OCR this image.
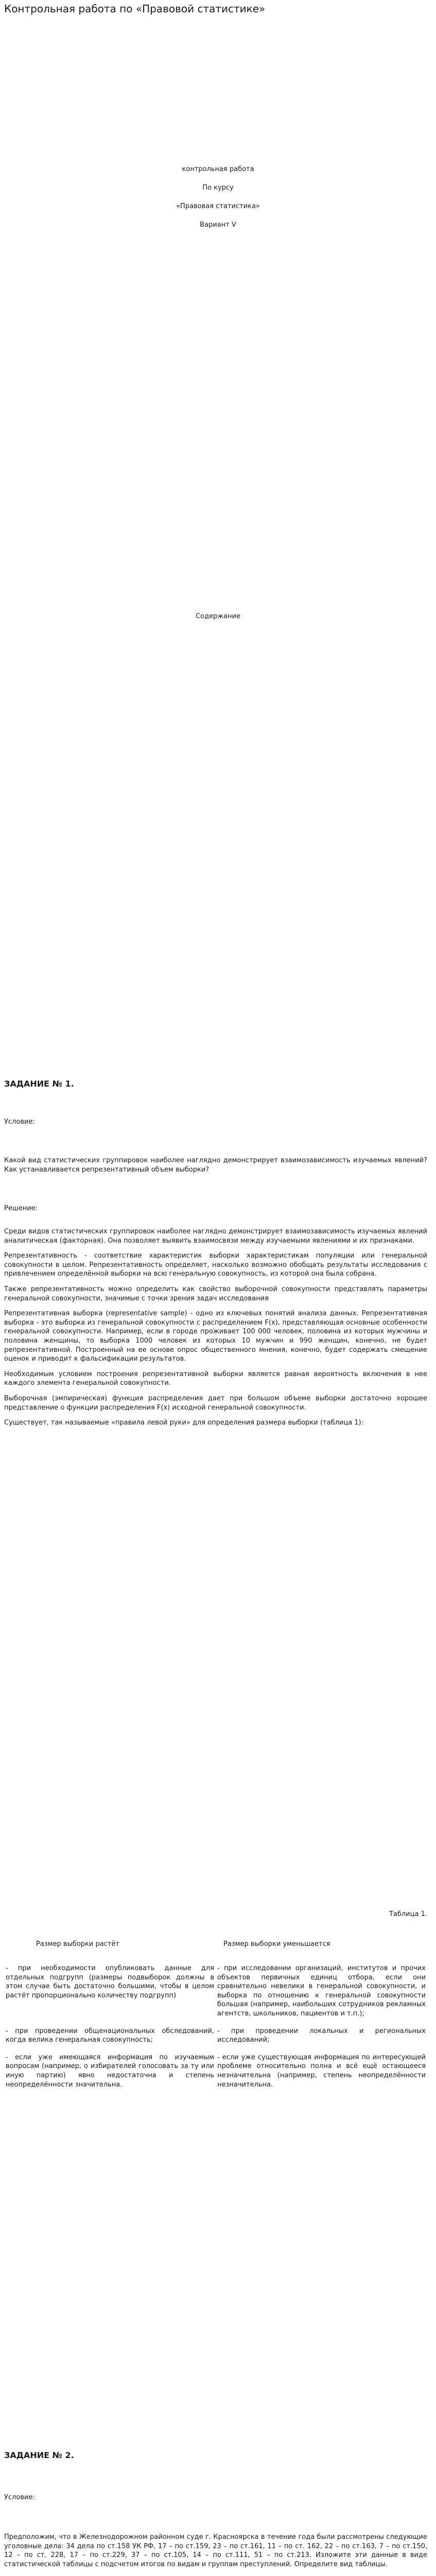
Контрольная работа по «Правовой статистике»
контрольная работа
По курсу
«Правовая статистика»
Вариант V
Содержание
ЗАДАНИЕ № 1.
Условие:
Какой вид статистических группировок наиболее наглядно демонстрирует взаимозависимость изучаемых явлений? Как устанавливается репрезентативный объем выборки?
Решение:

Среди видов статистических группировок наиболее наглядно демонстрирует взаимозависимость изучаемых явлений аналитическая (факторная). Она позволяет выявить взаимосвязи между изучаемыми явлениями и их признаками.

Репрезентативность - соответствие характеристик выборки характеристикам популяции или генеральной совокупности в целом. Репрезентативность определяет, насколько возможно обобщать результаты исследования с привлечением определённой выборки на всю генеральную совокупность, из которой она была собрана.

Также репрезентативность можно определить как свойство выборочной совокупности представлять параметры генеральной совокупности, значимые с точки зрения задач исследования

Репрезентативная выборка (representative sample) - одно из ключевых понятий анализа данных. Репрезентативная выборка - это выборка из генеральной совокупности с распределением F(x), представляющая основные особенности генеральной совокупности. Например, если в городе проживает 100 000 человек, половина из которых мужчины и половина женщины, то выборка 1000 человек из которых 10 мужчин и 990 женщин, конечно, не будет репрезентативной. Построенный на ее основе опрос общественного мнения, конечно, будет содержать смещение оценок и приводит к фальсификации результатов.

Необходимым условием построения репрезентативной выборки является равная вероятность включения в нее каждого элемента генеральной совокупности.

Выборочная (эмпирическая) функция распределения дает при большом объеме выборки достаточно хорошее представление о функции распределения F(x) исходной генеральной совокупности.

Существует, так называемые «правила левой руки» для определения размера выборки (таблица 1):

Таблица 1.
Размер выборки растёт	Размер выборки уменьшается
- при необходимости опубликовать данные для отдельных подгрупп (размеры подвыборок должны в этом случае быть достаточно большими, чтобы в целом растёт пропорционально количеству подгрупп)	- при исследовании организаций, институтов и прочих объектов первичных единиц отбора, если они сравнительно невелики в генеральной совокупности, и выборка по отношению к генеральной совокупности большая (например, наибольших сотрудников рекламных агентств, школьников, пациентов и т.п.);
- при проведении общенациональных обследований, когда велика генеральная совокупность;	- при проведении локальных и региональных исследований;
- если уже имеющаяся информация по изучаемым вопросам (например, о избирателей голосовать за ту или иную партию) явно недостаточна и степень неопределённости значительна.	- если уже существующая информация по интересующей проблеме относительно полна и всё ещё остающееся незначительна (например, степень неопределённости незначительна.
ЗАДАНИЕ № 2.
Условие:
Предположим, что в Железнодорожном районном суде г. Красноярска в течение года были рассмотрены следующие уголовные дела: 34 дела по ст.158 УК РФ, 17 – по ст.159, 23 – по ст.161, 11 – по ст. 162, 22 – по ст.163, 7 – по ст.150, 12 – по ст. 228, 17 – по ст.229, 37 – по ст.105, 14 – по ст.111, 51 – по ст.213. Изложите эти данные в виде статистической таблицы с подсчетом итогов по видам и группам преступлений. Определите вид таблицы.
